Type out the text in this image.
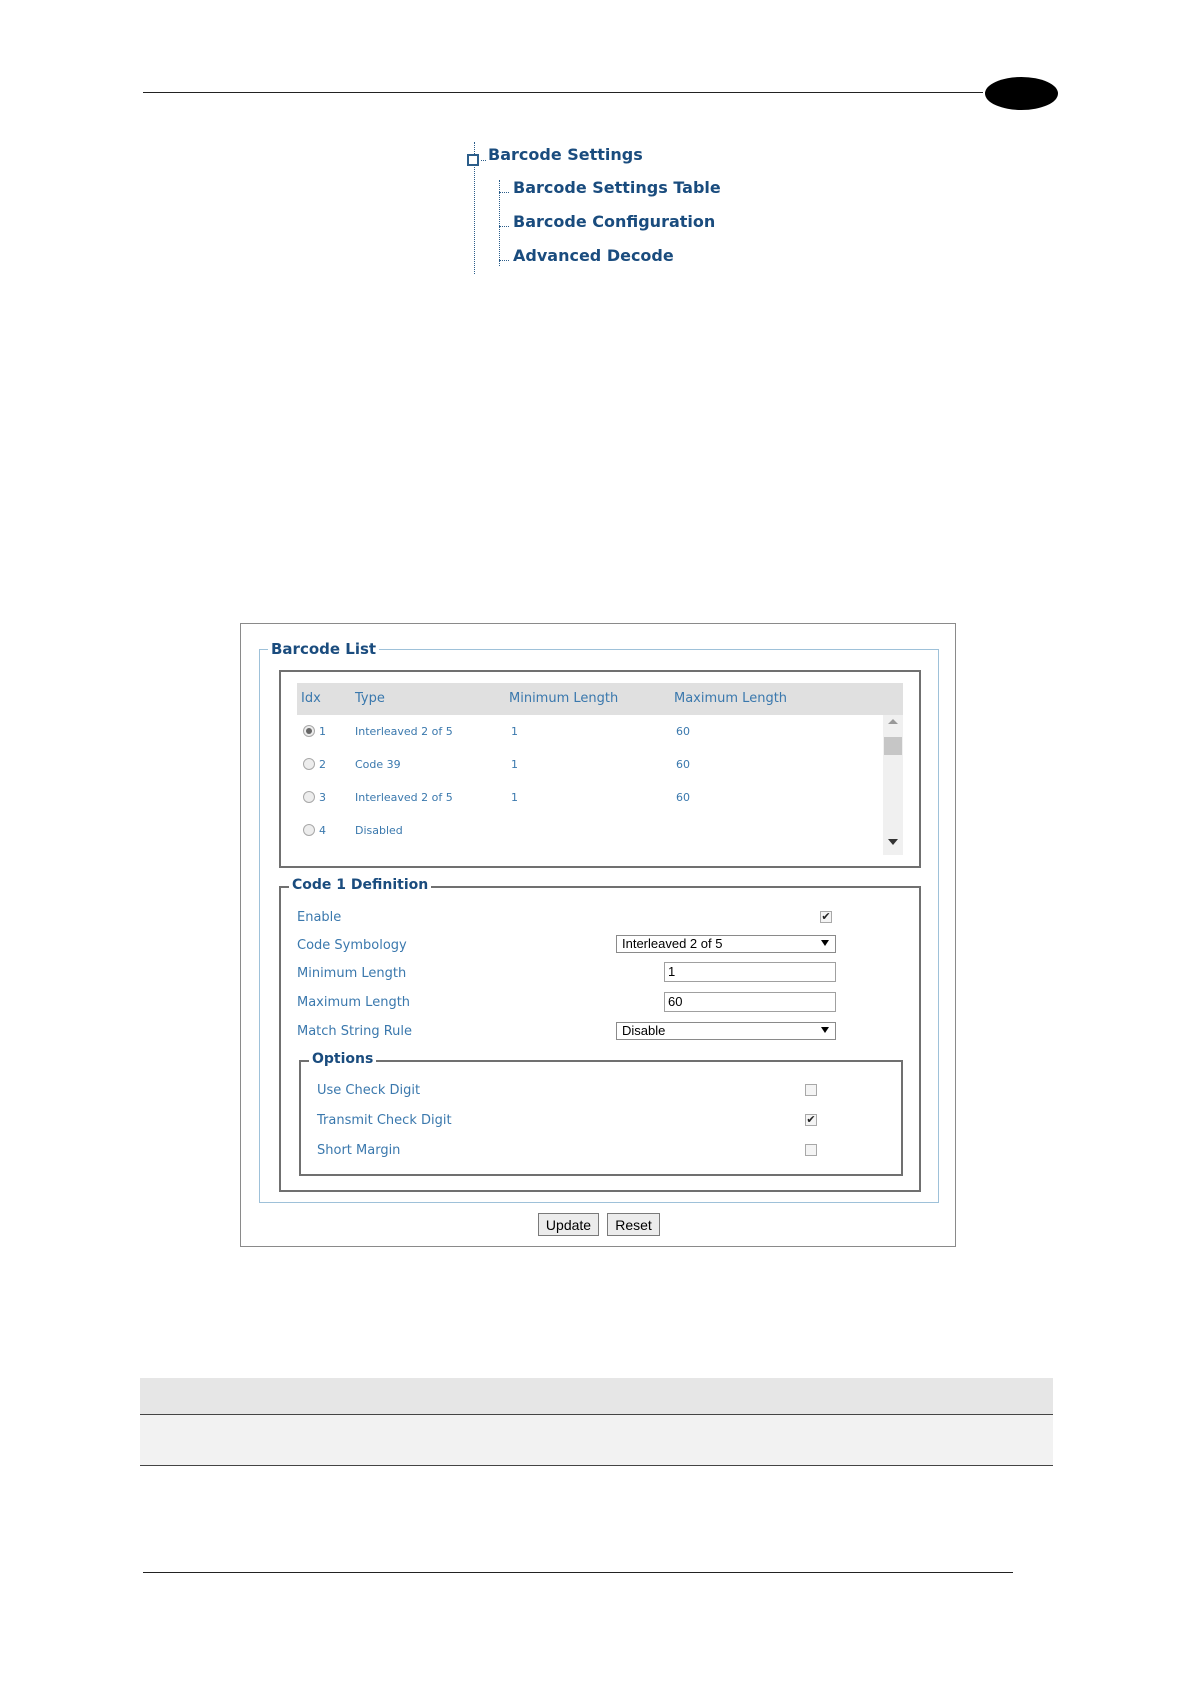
Barcode Settings
Barcode Settings Table
Barcode Configuration
Advanced Decode
Barcode List
Idx	Type	Minimum Length	Maximum Length
1	Interleaved 2 of 5	1	60
2	Code 39	1	60
3	Interleaved 2 of 5	1	60
4	Disabled
Code 1 Definition
Enable	✔
Code Symbology	Interleaved 2 of 5
Minimum Length	1
Maximum Length	60
Match String Rule	Disable
Options
Use Check Digit
Transmit Check Digit	✔
Short Margin
Update	Reset
